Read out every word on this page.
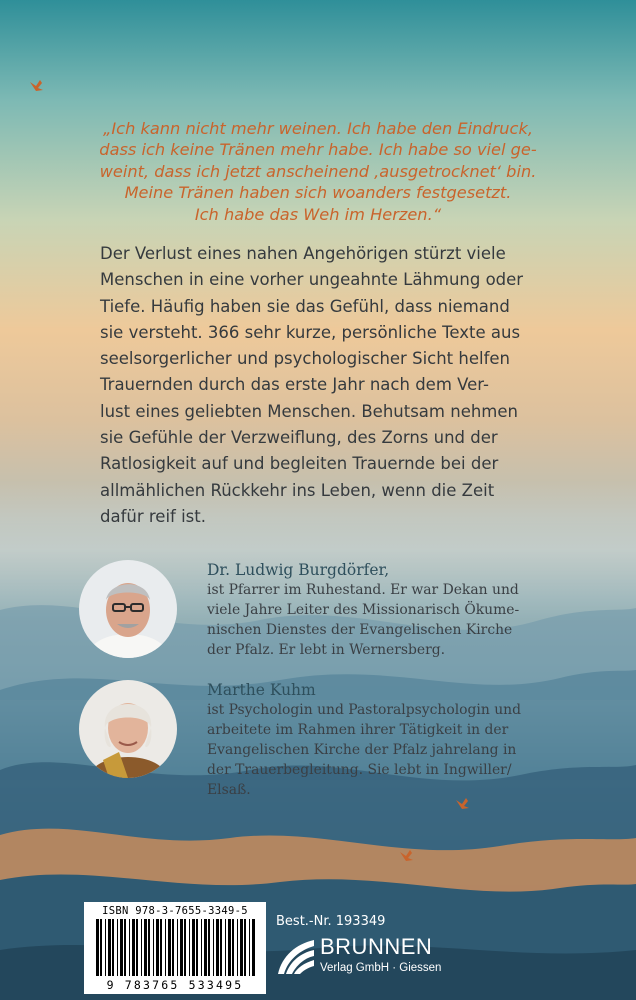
„Ich kann nicht mehr weinen. Ich habe den Eindruck,
dass ich keine Tränen mehr habe. Ich habe so viel ge-
weint, dass ich jetzt anscheinend ‚ausgetrocknet‘ bin.
Meine Tränen haben sich woanders festgesetzt.
Ich habe das Weh im Herzen.“
Der Verlust eines nahen Angehörigen stürzt viele
Menschen in eine vorher ungeahnte Lähmung oder
Tiefe. Häufig haben sie das Gefühl, dass niemand
sie versteht. 366 sehr kurze, persönliche Texte aus
seelsorgerlicher und psychologischer Sicht helfen
Trauernden durch das erste Jahr nach dem Ver-
lust eines geliebten Menschen. Behutsam nehmen
sie Gefühle der Verzweiflung, des Zorns und der
Ratlosigkeit auf und begleiten Trauernde bei der
allmählichen Rückkehr ins Leben, wenn die Zeit
dafür reif ist.
Dr. Ludwig Burgdörfer,
ist Pfarrer im Ruhestand. Er war Dekan und
viele Jahre Leiter des Missionarisch Ökume-
nischen Dienstes der Evangelischen Kirche
der Pfalz. Er lebt in Wernersberg.
Marthe Kuhm
ist Psychologin und Pastoralpsychologin und
arbeitete im Rahmen ihrer Tätigkeit in der
Evangelischen Kirche der Pfalz jahrelang in
der Trauerbegleitung. Sie lebt in Ingwiller/
Elsaß.
ISBN 978-3-7655-3349-5
9 783765 533495
Best.-Nr. 193349
BRUNNEN
Verlag GmbH · Giessen
